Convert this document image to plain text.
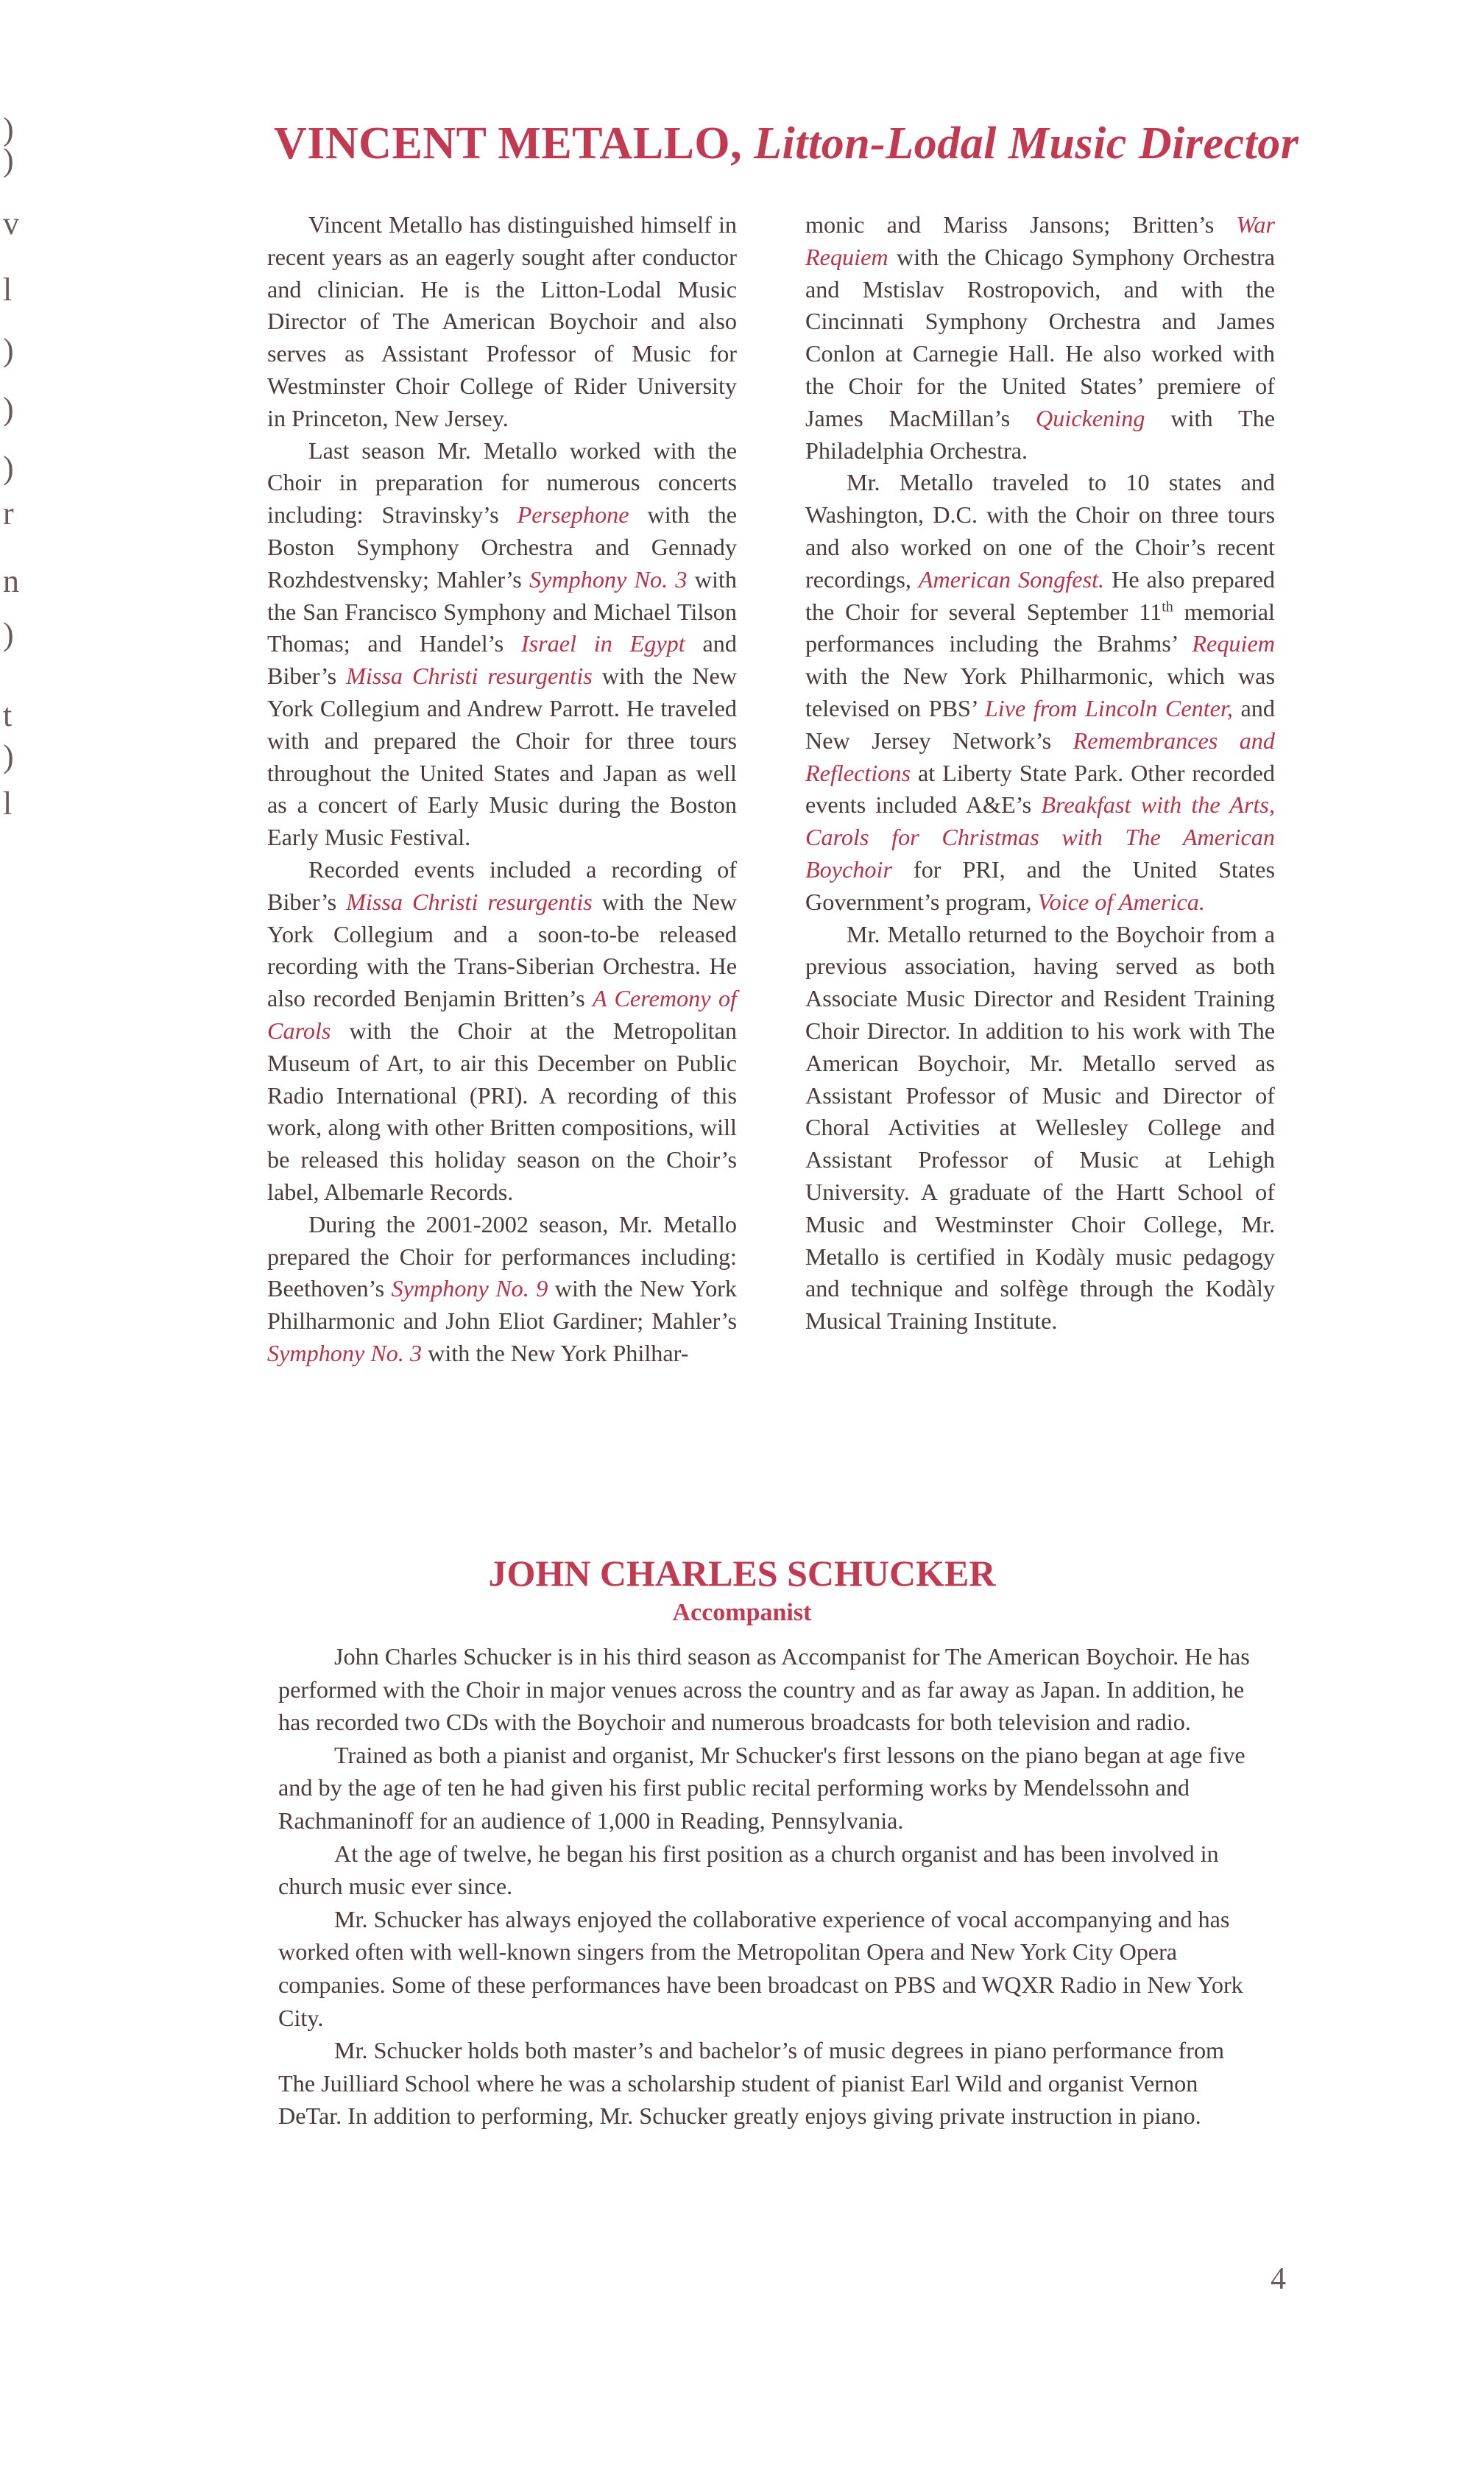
)
)
v
l
)
)
)
r
n
)
t
)
l
VINCENT METALLO, Litton-Lodal Music Director

Vincent Metallo has distinguished himself in recent years as an eagerly sought after conductor and clinician. He is the Litton-Lodal Music Director of The American Boychoir and also serves as Assistant Professor of Music for Westminster Choir College of Rider University in Princeton, New Jersey.

Last season Mr. Metallo worked with the Choir in preparation for numerous concerts including: Stravinsky’s Persephone with the Boston Symphony Orchestra and Gennady Rozhdestvensky; Mahler’s Symphony No. 3 with the San Francisco Symphony and Michael Tilson Thomas; and Handel’s Israel in Egypt and Biber’s Missa Christi resurgentis with the New York Collegium and Andrew Parrott. He traveled with and prepared the Choir for three tours throughout the United States and Japan as well as a concert of Early Music during the Boston Early Music Festival.

Recorded events included a recording of Biber’s Missa Christi resurgentis with the New York Collegium and a soon-to-be released recording with the Trans-Siberian Orchestra. He also recorded Benjamin Britten’s A Ceremony of Carols with the Choir at the Metropolitan Museum of Art, to air this December on Public Radio International (PRI). A recording of this work, along with other Britten compositions, will be released this holiday season on the Choir’s label, Albemarle Records.

During the 2001-2002 season, Mr. Metallo prepared the Choir for performances including: Beethoven’s Symphony No. 9 with the New York Philharmonic and John Eliot Gardiner; Mahler’s Symphony No. 3 with the New York Philhar-

monic and Mariss Jansons; Britten’s War Requiem with the Chicago Symphony Orchestra and Mstislav Rostropovich, and with the Cincinnati Symphony Orchestra and James Conlon at Carnegie Hall. He also worked with the Choir for the United States’ premiere of James MacMillan’s Quickening with The Philadelphia Orchestra.

Mr. Metallo traveled to 10 states and Washington, D.C. with the Choir on three tours and also worked on one of the Choir’s recent recordings, American Songfest. He also prepared the Choir for several September 11th memorial performances including the Brahms’ Requiem with the New York Philharmonic, which was televised on PBS’ Live from Lincoln Center, and New Jersey Network’s Remembrances and Reflections at Liberty State Park. Other recorded events included A&E’s Breakfast with the Arts, Carols for Christmas with The American Boychoir for PRI, and the United States Government’s program, Voice of America.

Mr. Metallo returned to the Boychoir from a previous association, having served as both Associate Music Director and Resident Training Choir Director. In addition to his work with The American Boychoir, Mr. Metallo served as Assistant Professor of Music and Director of Choral Activities at Wellesley College and Assistant Professor of Music at Lehigh University. A graduate of the Hartt School of Music and Westminster Choir College, Mr. Metallo is certified in Kodàly music pedagogy and technique and solfège through the Kodàly Musical Training Institute.

JOHN CHARLES SCHUCKER
Accompanist

John Charles Schucker is in his third season as Accompanist for The American Boychoir. He has performed with the Choir in major venues across the country and as far away as Japan. In addition, he has recorded two CDs with the Boychoir and numerous broadcasts for both television and radio.

Trained as both a pianist and organist, Mr Schucker's first lessons on the piano began at age five and by the age of ten he had given his first public recital performing works by Mendelssohn and Rachmaninoff for an audience of 1,000 in Reading, Pennsylvania.

At the age of twelve, he began his first position as a church organist and has been involved in church music ever since.

Mr. Schucker has always enjoyed the collaborative experience of vocal accompanying and has worked often with well-known singers from the Metropolitan Opera and New York City Opera companies. Some of these performances have been broadcast on PBS and WQXR Radio in New York City.

Mr. Schucker holds both master’s and bachelor’s of music degrees in piano performance from The Juilliard School where he was a scholarship student of pianist Earl Wild and organist Vernon DeTar. In addition to performing, Mr. Schucker greatly enjoys giving private instruction in piano.

4
